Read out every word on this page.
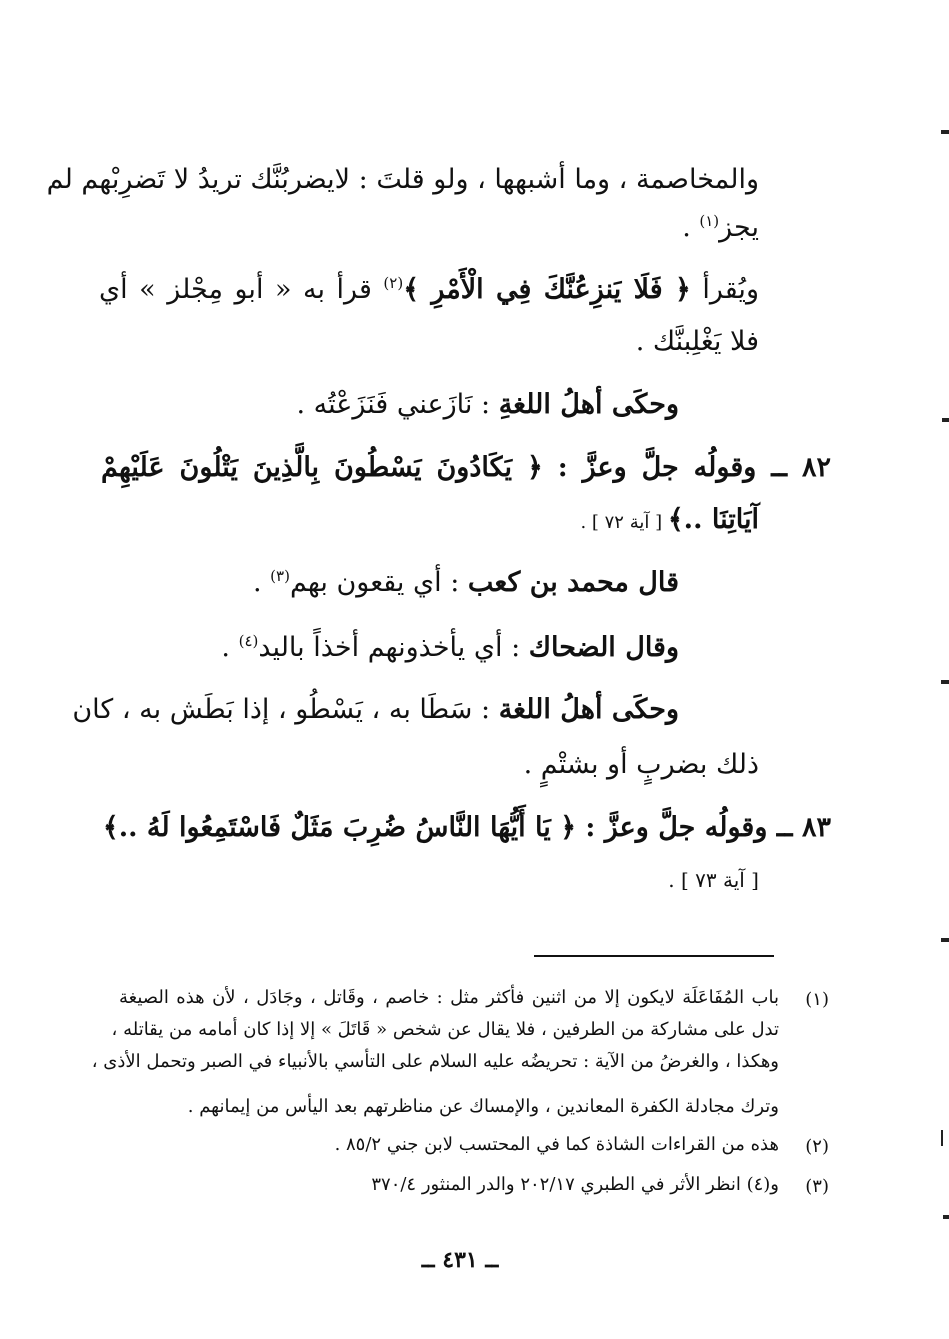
والمخاصمة ، وما أشبهها ، ولو قلتَ : لايضربُنَّك تريدُ لا تَضرِبْهم لم
يجز$^{(١)}$ .
ويُقرأ ﴿ فَلَا يَنزِعُنَّكَ فِي الْأَمْرِ ﴾$^{(٢)}$ قرأ به « أبو مِجْلز » أي
فلا يَغْلِبنَّك .
وحكَى أهلُ اللغةِ : نَازَعني فَنَزَعْتُه .
٨٢ ــ وقولُه جلَّ وعزَّ : ﴿ يَكَادُونَ يَسْطُونَ بِالَّذِينَ يَتْلُونَ عَلَيْهِمْ
آيَاتِنَا ..﴾ [ آية ٧٢ ] .
قال محمد بن كعب : أي يقعون بهم$^{(٣)}$ .
وقال الضحاك : أي يأخذونهم أخذاً باليد$^{(٤)}$ .
وحكَى أهلُ اللغة : سَطَا به ، يَسْطُو ، إذا بَطَش به ، كان
ذلك بضربٍ أو بشتْمٍ .
٨٣ ــ وقولُه جلَّ وعزَّ : ﴿ يَا أَيُّهَا النَّاسُ ضُرِبَ مَثَلٌ فَاسْتَمِعُوا لَهُ ..﴾
[ آية ٧٣ ] .
(١)
باب المُفَاعَلَة لايكون إلا من اثنين فأكثر مثل : خاصم ، وقَاتل ، وجَادَل ، لأن هذه الصيغة
تدل على مشاركة من الطرفين ، فلا يقال عن شخص « قَاتَلَ » إلا إذا كان أمامه من يقاتله ،
وهكذا ، والغرضُ من الآية : تحريضُه عليه السلام على التأسي بالأنبياء في الصبر وتحمل الأذى ،
وترك مجادلة الكفرة المعاندين ، والإمساك عن مناظرتهم بعد اليأس من إيمانهم .
(٢)
هذه من القراءات الشاذة كما في المحتسب لابن جني ٨٥/٢ .
(٣)
و(٤) انظر الأثر في الطبري ٢٠٢/١٧ والدر المنثور ٣٧٠/٤
ــ ٤٣١ ــ
